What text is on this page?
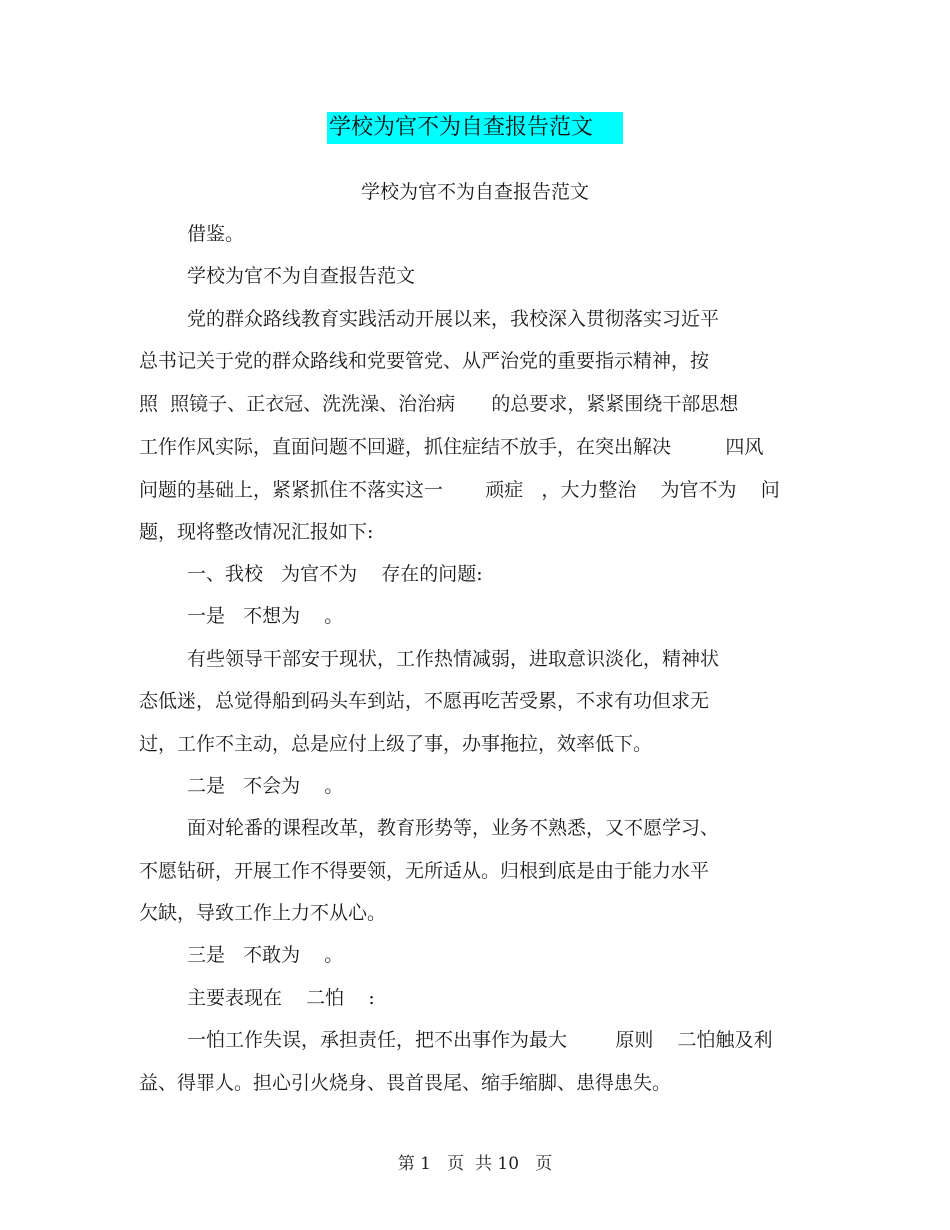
学校为官不为自查报告范文
学校为官不为自查报告范文
借鉴。
学校为官不为自查报告范文
党的群众路线教育实践活动开展以来，我校深入贯彻落实习近平
总书记关于党的群众路线和党要管党、从严治党的重要指示精神，按
照  照镜子、正衣冠、洗洗澡、治治病      的总要求，紧紧围绕干部思想
工作作风实际，直面问题不回避，抓住症结不放手，在突出解决         四风
问题的基础上，紧紧抓住不落实这一       顽症   ，大力整治    为官不为    问
题，现将整改情况汇报如下:
一、我校   为官不为    存在的问题:
一是   不想为    。
有些领导干部安于现状，工作热情减弱，进取意识淡化，精神状
态低迷，总觉得船到码头车到站，不愿再吃苦受累，不求有功但求无
过，工作不主动，总是应付上级了事，办事拖拉，效率低下。
二是   不会为    。
面对轮番的课程改革，教育形势等，业务不熟悉，又不愿学习、
不愿钻研，开展工作不得要领，无所适从。归根到底是由于能力水平
欠缺，导致工作上力不从心。
三是   不敢为    。
主要表现在    二怕    :
一怕工作失误，承担责任，把不出事作为最大        原则    二怕触及利
益、得罪人。担心引火烧身、畏首畏尾、缩手缩脚、患得患失。
第 1   页  共 10   页
